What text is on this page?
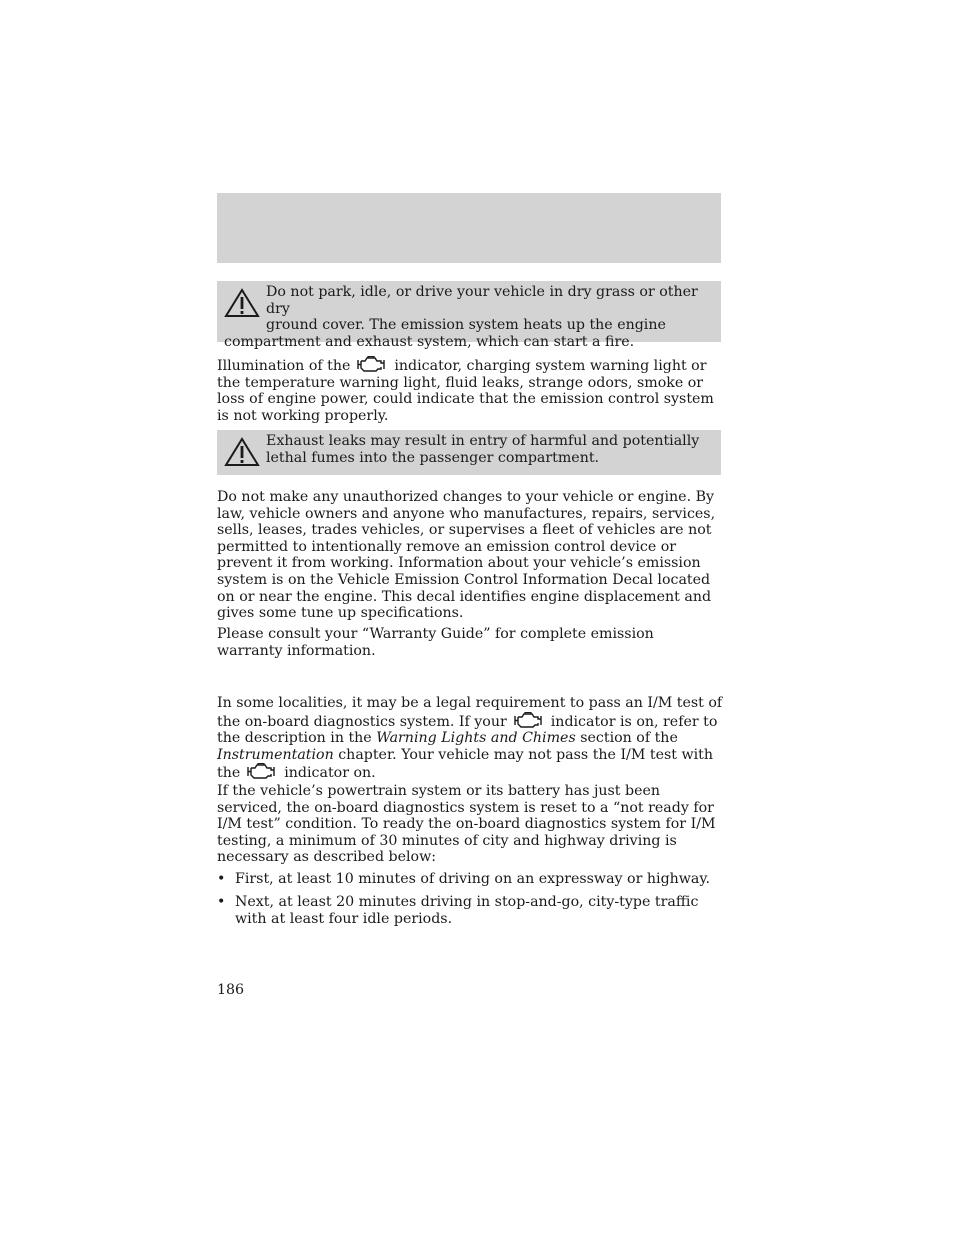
Do not park, idle, or drive your vehicle in dry grass or other dry

ground cover. The emission system heats up the engine

compartment and exhaust system, which can start a fire.

Illumination of the	indicator, charging system warning light or the temperature warning light, fluid leaks, strange odors, smoke or loss of engine power, could indicate that the emission control system is not working properly.

Exhaust leaks may result in entry of harmful and potentially

lethal fumes into the passenger compartment.

Do not make any unauthorized changes to your vehicle or engine. By law, vehicle owners and anyone who manufactures, repairs, services, sells, leases, trades vehicles, or supervises a fleet of vehicles are not permitted to intentionally remove an emission control device or prevent it from working. Information about your vehicle’s emission system is on the Vehicle Emission Control Information Decal located on or near the engine. This decal identifies engine displacement and gives some tune up specifications.

Please consult your “Warranty Guide” for complete emission warranty information.

In some localities, it may be a legal requirement to pass an I/M test of the on-board diagnostics system. If your	indicator is on, refer to the description in the Warning Lights and Chimes section of the Instrumentation chapter. Your vehicle may not pass the I/M test with the	indicator on.

If the vehicle’s powertrain system or its battery has just been serviced, the on-board diagnostics system is reset to a “not ready for I/M test” condition. To ready the on-board diagnostics system for I/M testing, a minimum of 30 minutes of city and highway driving is necessary as described below:

• First, at least 10 minutes of driving on an expressway or highway.
• Next, at least 20 minutes driving in stop-and-go, city-type traffic with at least four idle periods.
186
